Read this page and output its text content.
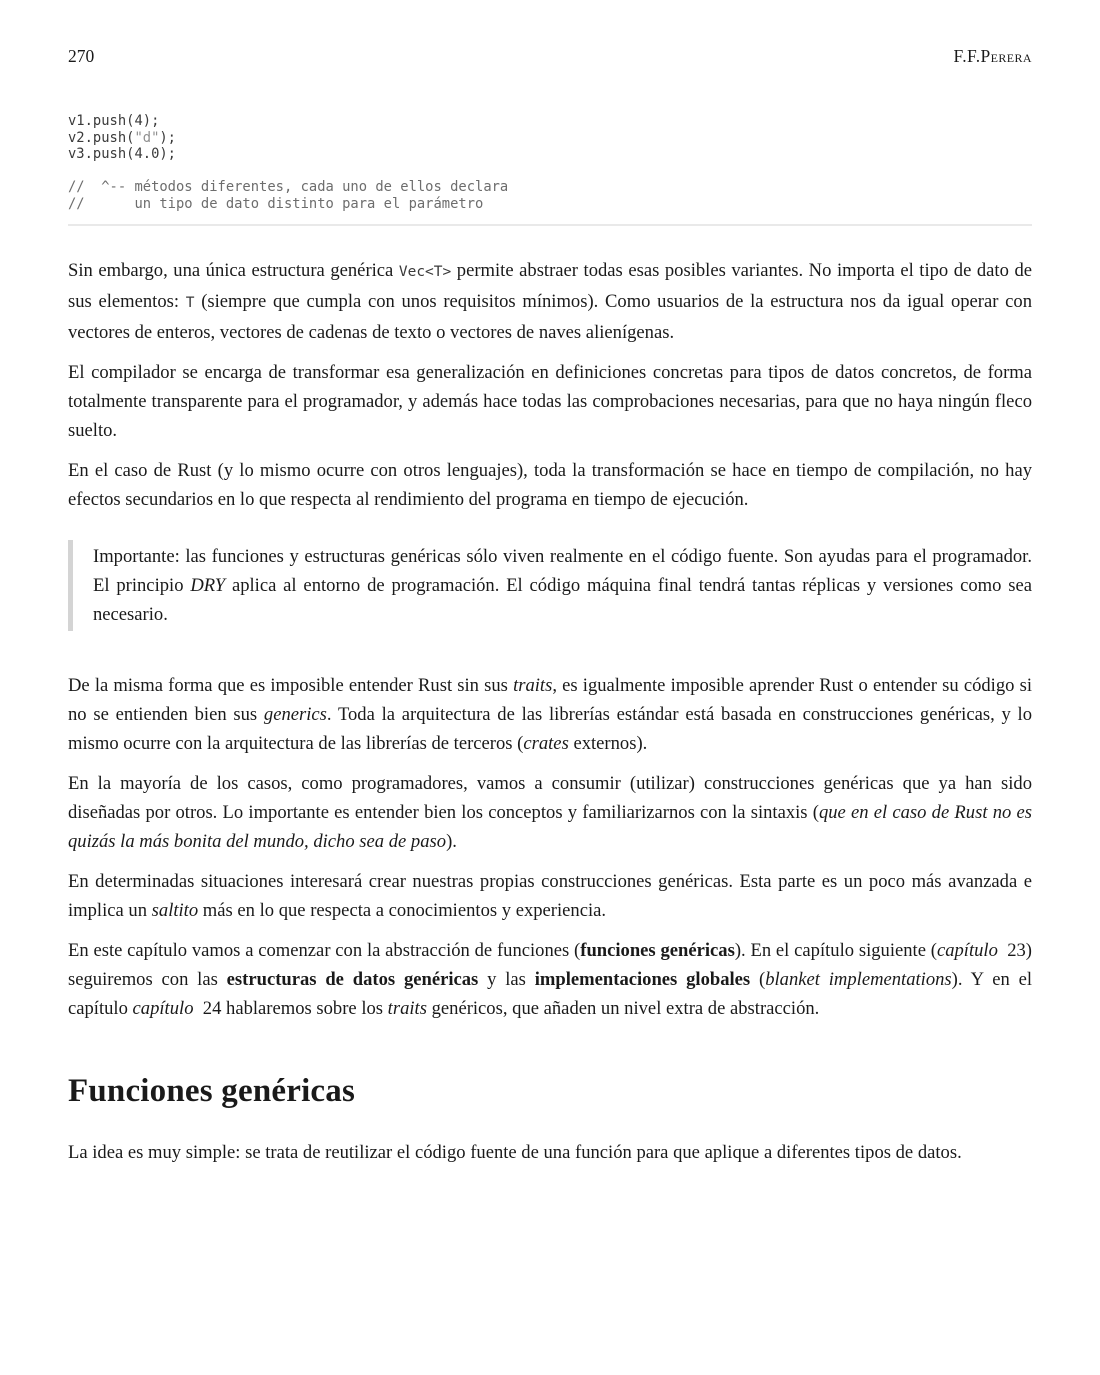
270	F.F.Perera
v1.push(4);
v2.push("d");
v3.push(4.0);

//  ^-- métodos diferentes, cada uno de ellos declara
//      un tipo de dato distinto para el parámetro

Sin embargo, una única estructura genérica Vec<T> permite abstraer todas esas posibles variantes. No importa el tipo de dato de sus elementos: T (siempre que cumpla con unos requisitos mínimos). Como usuarios de la estructura nos da igual operar con vectores de enteros, vectores de cadenas de texto o vectores de naves alienígenas.

El compilador se encarga de transformar esa generalización en definiciones concretas para tipos de datos concretos, de forma totalmente transparente para el programador, y además hace todas las comprobaciones necesarias, para que no haya ningún fleco suelto.

En el caso de Rust (y lo mismo ocurre con otros lenguajes), toda la transformación se hace en tiempo de compilación, no hay efectos secundarios en lo que respecta al rendimiento del programa en tiempo de ejecución.

Importante: las funciones y estructuras genéricas sólo viven realmente en el código fuente. Son ayudas para el programador. El principio DRY aplica al entorno de programación. El código máquina final tendrá tantas réplicas y versiones como sea necesario.

De la misma forma que es imposible entender Rust sin sus traits, es igualmente imposible aprender Rust o entender su código si no se entienden bien sus generics. Toda la arquitectura de las librerías estándar está basada en construcciones genéricas, y lo mismo ocurre con la arquitectura de las librerías de terceros (crates externos).

En la mayoría de los casos, como programadores, vamos a consumir (utilizar) construcciones genéricas que ya han sido diseñadas por otros. Lo importante es entender bien los conceptos y familiarizarnos con la sintaxis (que en el caso de Rust no es quizás la más bonita del mundo, dicho sea de paso).

En determinadas situaciones interesará crear nuestras propias construcciones genéricas. Esta parte es un poco más avanzada e implica un saltito más en lo que respecta a conocimientos y experiencia.

En este capítulo vamos a comenzar con la abstracción de funciones (funciones genéricas). En el capítulo siguiente (capítulo 23) seguiremos con las estructuras de datos genéricas y las implementaciones globales (blanket implementations). Y en el capítulo capítulo 24 hablaremos sobre los traits genéricos, que añaden un nivel extra de abstracción.

Funciones genéricas

La idea es muy simple: se trata de reutilizar el código fuente de una función para que aplique a diferentes tipos de datos.
